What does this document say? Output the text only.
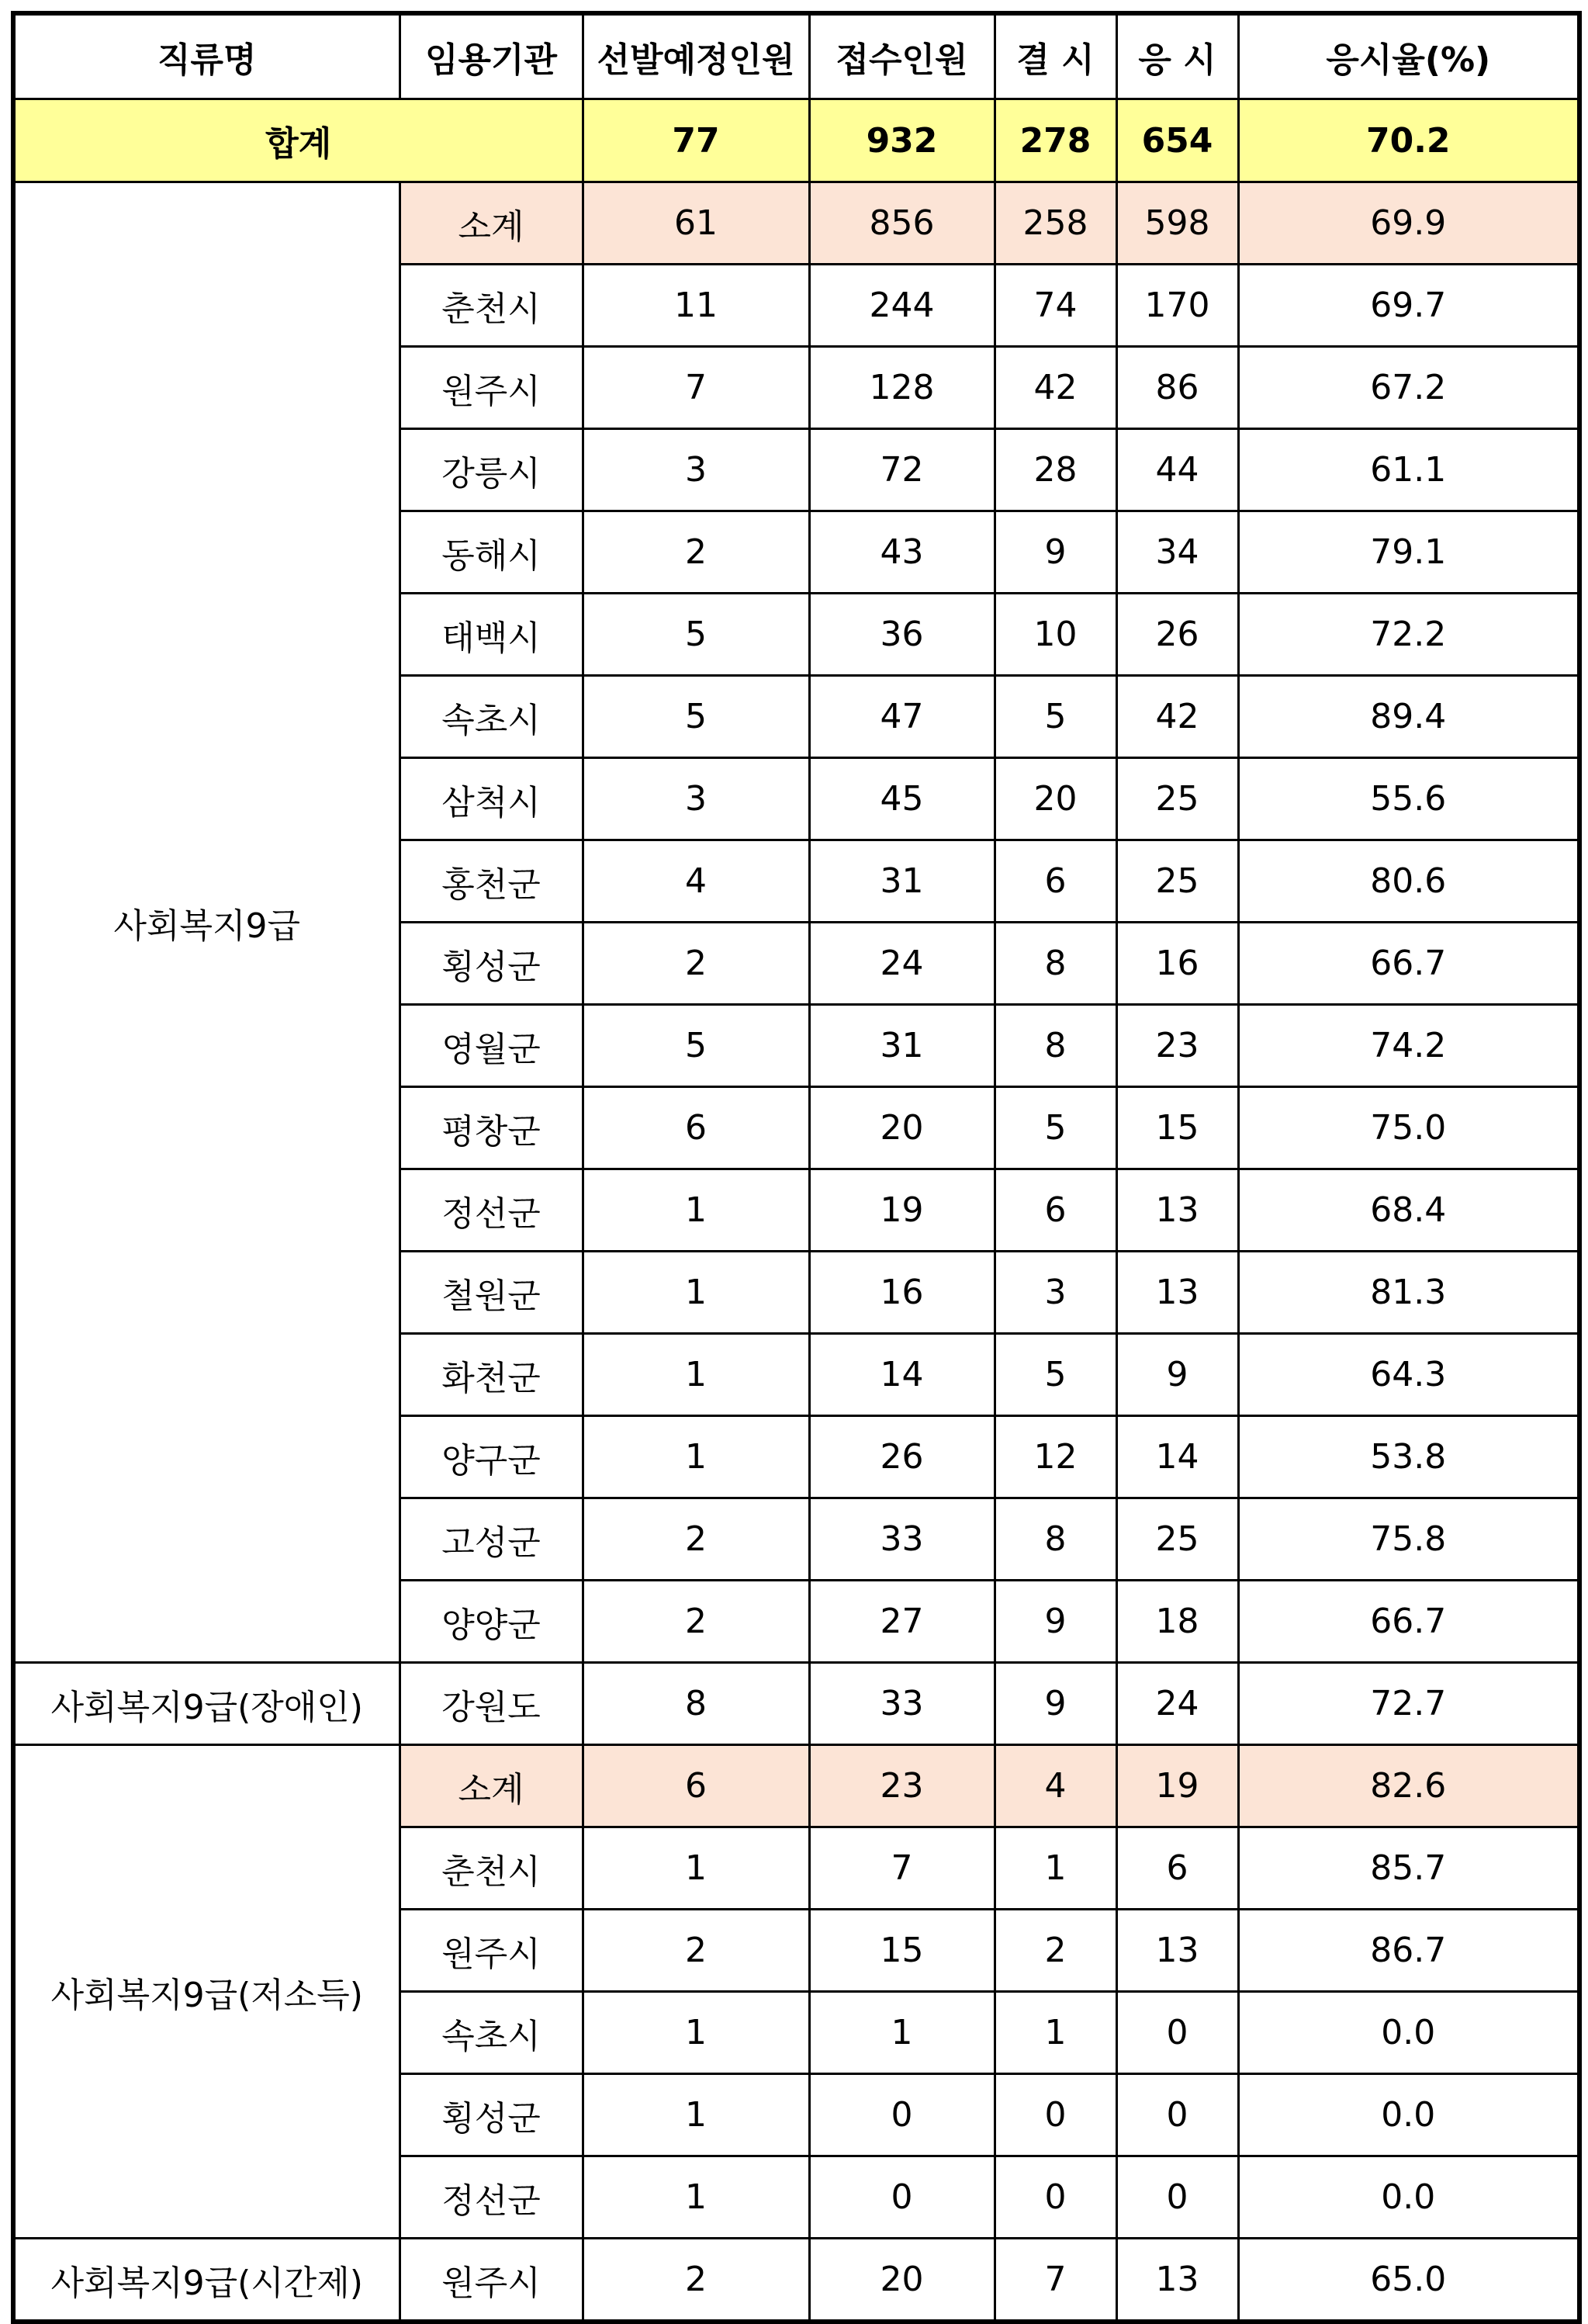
직류명	임용기관	선발예정인원	접수인원	결 시	응 시	응시율(%)
합계		77	932	278	654	70.2
사회복지9급	소계	61	856	258	598	69.9
	춘천시	11	244	74	170	69.7
	원주시	7	128	42	86	67.2
	강릉시	3	72	28	44	61.1
	동해시	2	43	9	34	79.1
	태백시	5	36	10	26	72.2
	속초시	5	47	5	42	89.4
	삼척시	3	45	20	25	55.6
	홍천군	4	31	6	25	80.6
	횡성군	2	24	8	16	66.7
	영월군	5	31	8	23	74.2
	평창군	6	20	5	15	75.0
	정선군	1	19	6	13	68.4
	철원군	1	16	3	13	81.3
	화천군	1	14	5	9	64.3
	양구군	1	26	12	14	53.8
	고성군	2	33	8	25	75.8
	양양군	2	27	9	18	66.7
사회복지9급(장애인)	강원도	8	33	9	24	72.7
사회복지9급(저소득)	소계	6	23	4	19	82.6
	춘천시	1	7	1	6	85.7
	원주시	2	15	2	13	86.7
	속초시	1	1	1	0	0.0
	횡성군	1	0	0	0	0.0
	정선군	1	0	0	0	0.0
사회복지9급(시간제)	원주시	2	20	7	13	65.0
